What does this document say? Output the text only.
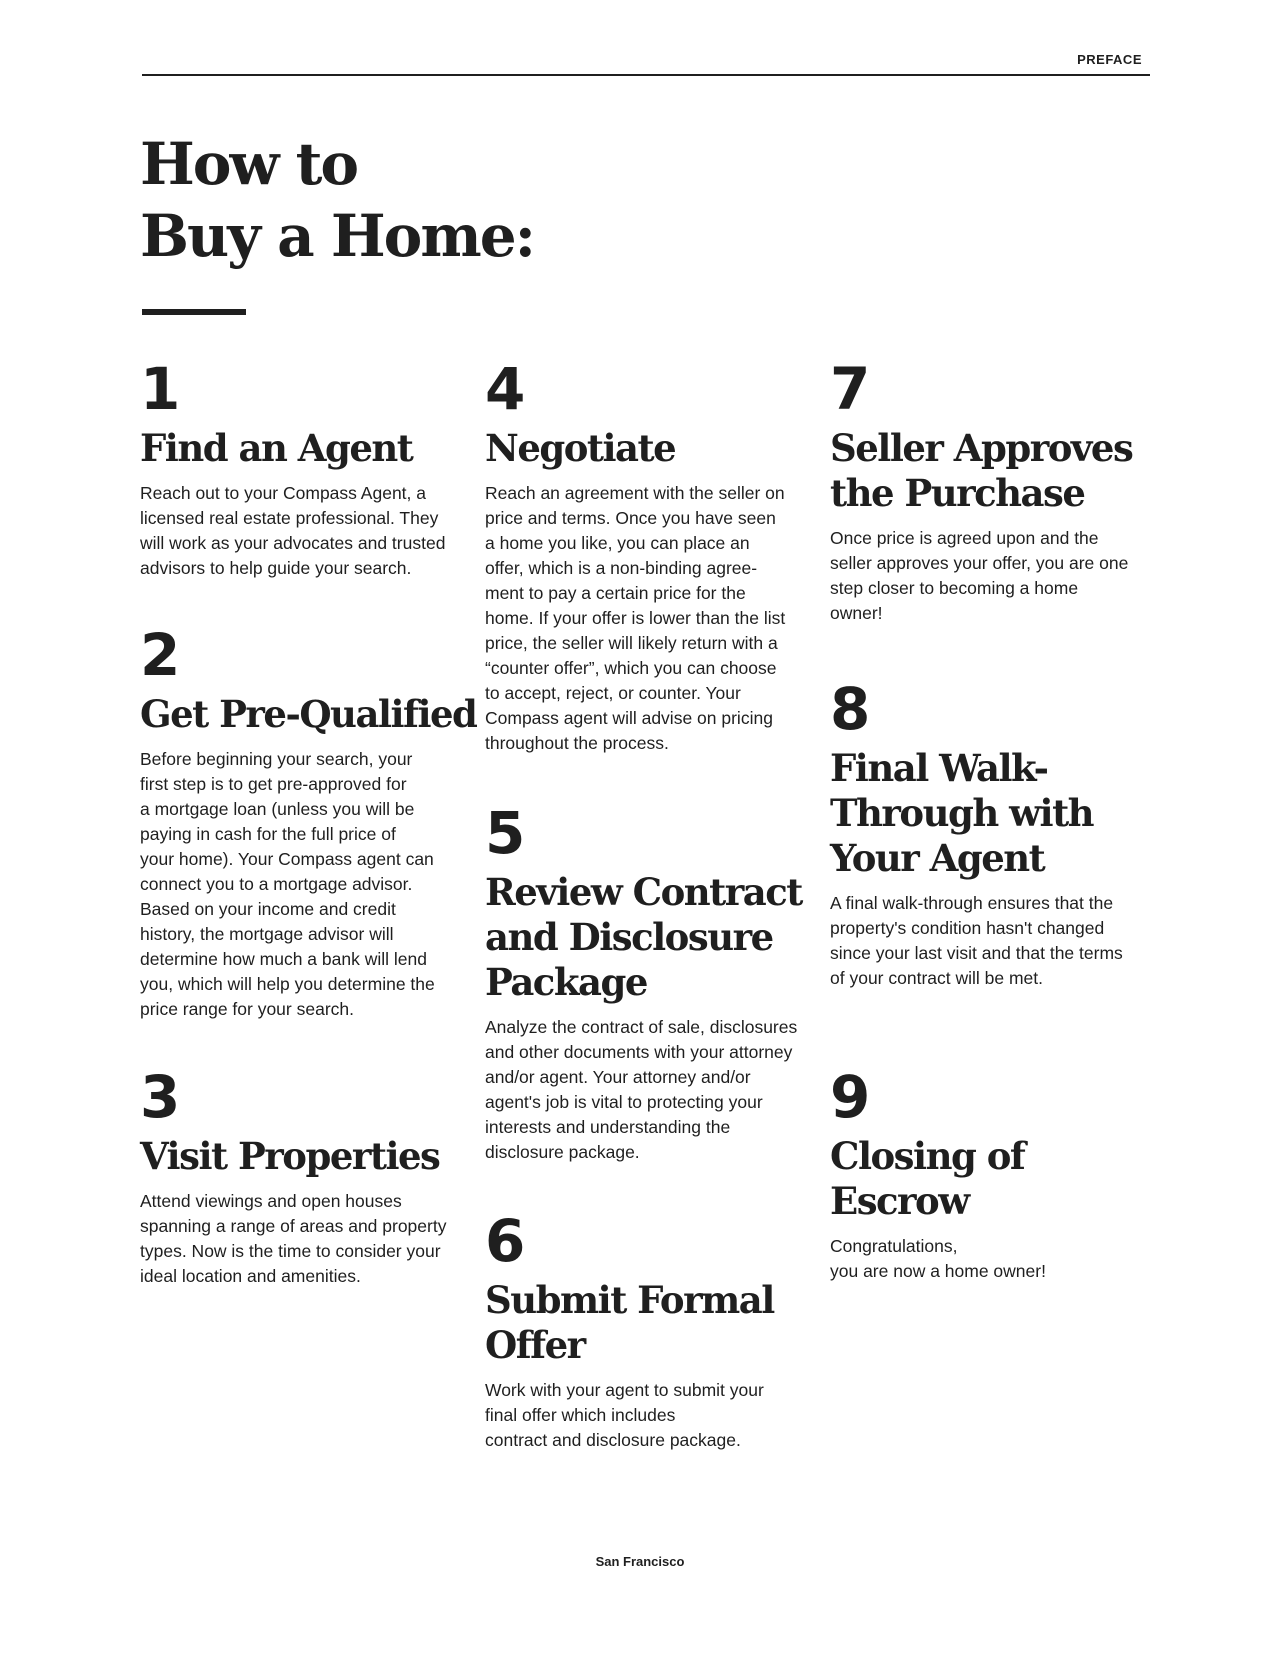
PREFACE
How to
Buy a Home:
1
Find an Agent

Reach out to your Compass Agent, a
licensed real estate professional. They
will work as your advocates and trusted
advisors to help guide your search.

2
Get Pre-Qualified

Before beginning your search, your
first step is to get pre-approved for
a mortgage loan (unless you will be
paying in cash for the full price of
your home). Your Compass agent can
connect you to a mortgage advisor.
Based on your income and credit
history, the mortgage advisor will
determine how much a bank will lend
you, which will help you determine the
price range for your search.

3
Visit Properties

Attend viewings and open houses
spanning a range of areas and property
types. Now is the time to consider your
ideal location and amenities.

4
Negotiate

Reach an agreement with the seller on
price and terms. Once you have seen
a home you like, you can place an
offer, which is a non-binding agree-
ment to pay a certain price for the
home. If your offer is lower than the list
price, the seller will likely return with a
“counter offer”, which you can choose
to accept, reject, or counter. Your
Compass agent will advise on pricing
throughout the process.

5
Review Contract
and Disclosure
Package

Analyze the contract of sale, disclosures
and other documents with your attorney
and/or agent. Your attorney and/or
agent's job is vital to protecting your
interests and understanding the
disclosure package.

6
Submit Formal
Offer

Work with your agent to submit your
final offer which includes
contract and disclosure package.

7
Seller Approves
the Purchase

Once price is agreed upon and the
seller approves your offer, you are one
step closer to becoming a home
owner!

8
Final Walk-
Through with
Your Agent

A final walk-through ensures that the
property's condition hasn't changed
since your last visit and that the terms
of your contract will be met.

9
Closing of
Escrow

Congratulations,
you are now a home owner!

San Francisco
